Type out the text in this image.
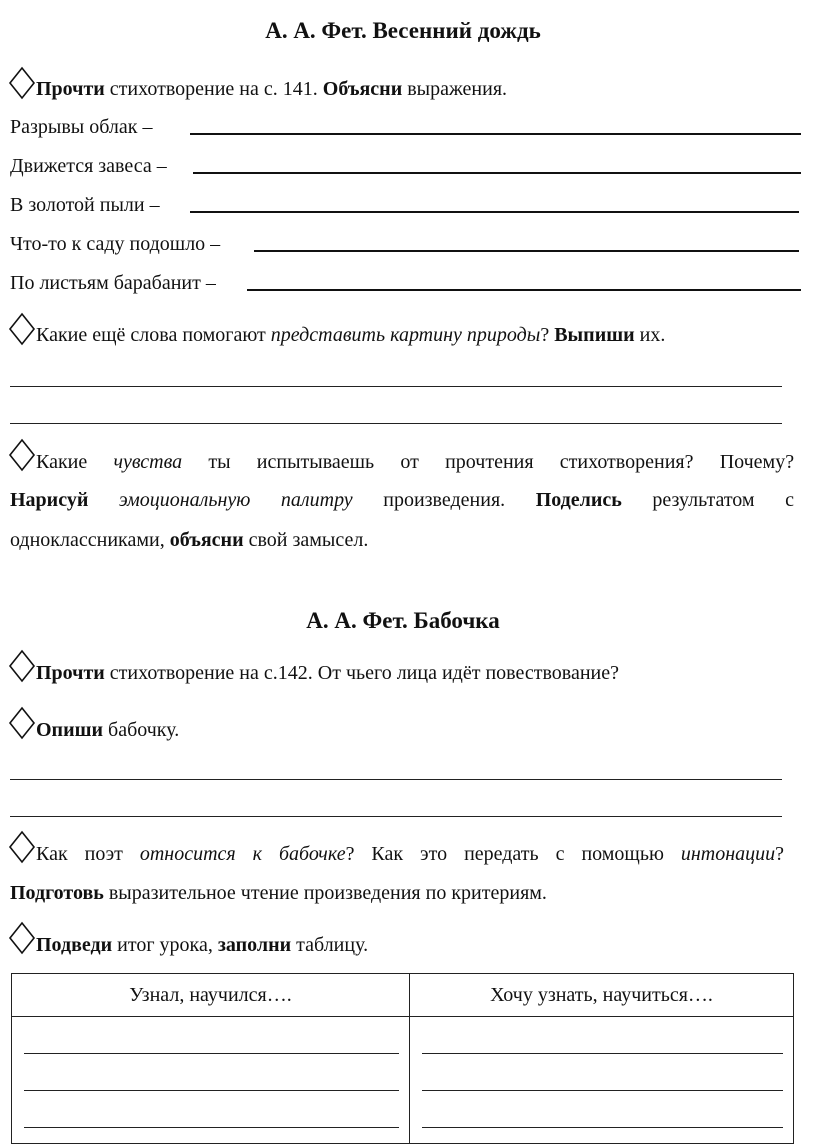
А. А. Фет. Весенний дождь
Прочти стихотворение на с. 141. Объясни выражения.
Разрывы облак –
Движется завеса –
В золотой пыли –
Что-то к саду подошло –
По листьям барабанит –
Какие ещё слова помогают представить картину природы? Выпиши их.
Какие чувства ты испытываешь от прочтения стихотворения? Почему?
Нарисуй эмоциональную палитру произведения. Поделись результатом с
одноклассниками, объясни свой замысел.
А. А. Фет. Бабочка
Прочти стихотворение на с.142. От чьего лица идёт повествование?
Опиши бабочку.
Как поэт относится к бабочке? Как это передать с помощью интонации?
Подготовь выразительное чтение произведения по критериям.
Подведи итог урока, заполни таблицу.
Узнал, научился….	Хочу узнать, научиться….
